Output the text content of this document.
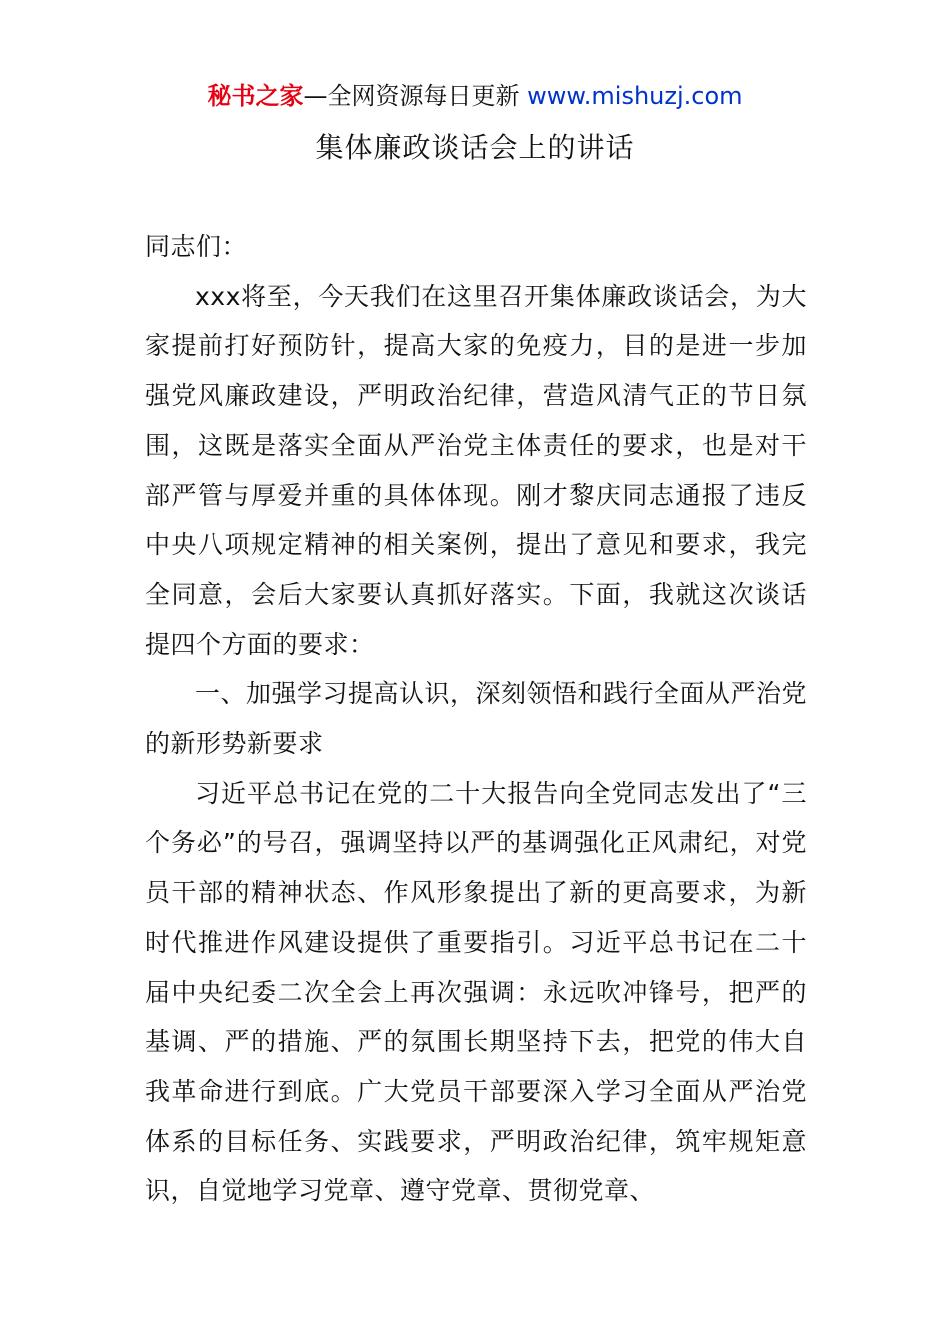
秘书之家—全网资源每日更新 www.mishuzj.com
集体廉政谈话会上的讲话

同志们：

xxx将至，今天我们在这里召开集体廉政谈话会，为大家提前打好预防针，提高大家的免疫力，目的是进一步加强党风廉政建设，严明政治纪律，营造风清气正的节日氛围，这既是落实全面从严治党主体责任的要求，也是对干部严管与厚爱并重的具体体现。刚才黎庆同志通报了违反中央八项规定精神的相关案例，提出了意见和要求，我完全同意，会后大家要认真抓好落实。下面，我就这次谈话提四个方面的要求：

一、加强学习提高认识，深刻领悟和践行全面从严治党的新形势新要求

习近平总书记在党的二十大报告向全党同志发出了“三个务必”的号召，强调坚持以严的基调强化正风肃纪，对党员干部的精神状态、作风形象提出了新的更高要求，为新时代推进作风建设提供了重要指引。习近平总书记在二十届中央纪委二次全会上再次强调：永远吹冲锋号，把严的基调、严的措施、严的氛围长期坚持下去，把党的伟大自我革命进行到底。广大党员干部要深入学习全面从严治党体系的目标任务、实践要求，严明政治纪律，筑牢规矩意识，自觉地学习党章、遵守党章、贯彻党章、
